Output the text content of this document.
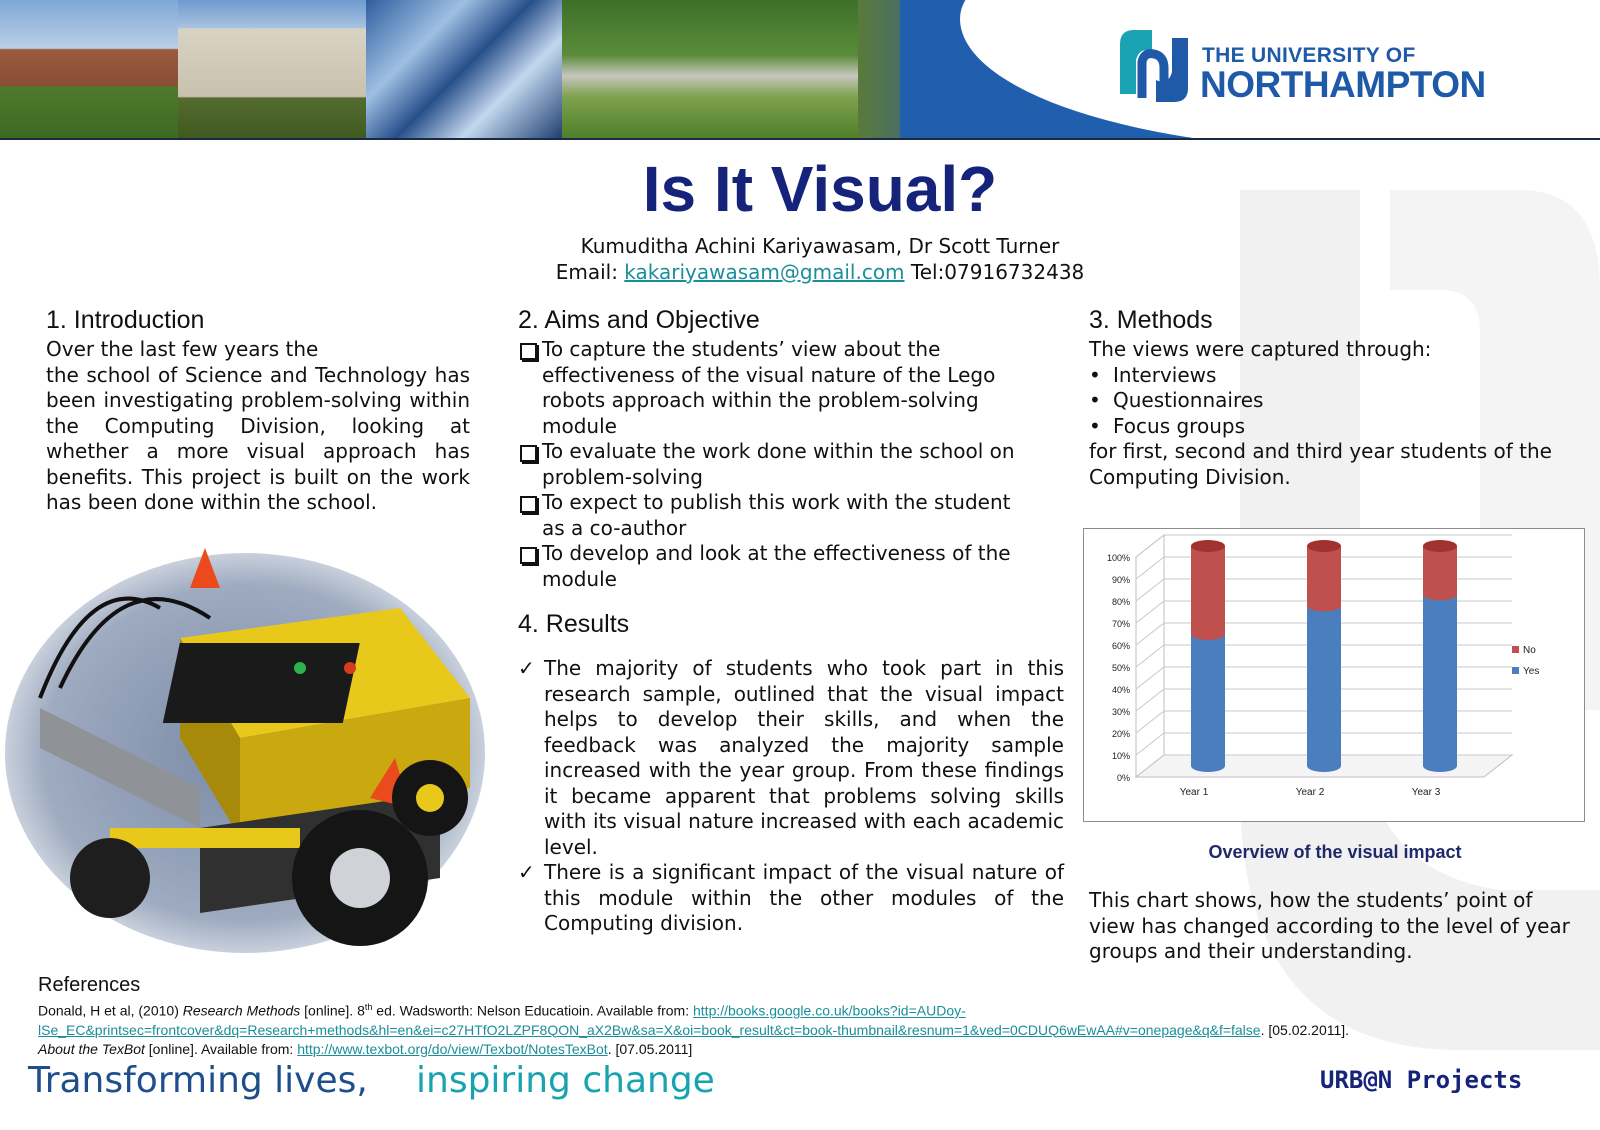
THE UNIVERSITY OF
NORTHAMPTON
Is It Visual?
Kumuditha Achini Kariyawasam, Dr Scott Turner
Email: kakariyawasam@gmail.com Tel:07916732438
1. Introduction
Over the last few years the
the school of Science and Technology has been investigating problem-solving within the Computing Division, looking at whether a more visual approach has benefits. This project is built on the work has been done within the school.
2. Aims and Objective
To capture the students’ view about the effectiveness of the visual nature of the Lego robots approach within the problem-solving module
To evaluate the work done within the school on problem-solving
To expect to publish this work with the student as a co-author
To develop and look at the effectiveness of the module
4. Results
✓ The majority of students who took part in this research sample, outlined that the visual impact helps to develop their skills, and when the feedback was analyzed the majority sample increased with the year group. From these findings it became apparent that problems solving skills with its visual nature increased with each academic level.
✓ There is a significant impact of the visual nature of this module within the other modules of the Computing division.
3. Methods
The views were captured through:
• Interviews
• Questionnaires
• Focus groups
for first, second and third year students of the Computing Division.
0%
10%
20%
30%
40%
50%
60%
70%
80%
90%
100%
Year 1	Year 2	Year 3
No
Yes
Overview of the visual impact
This chart shows, how the students’ point of view has changed according to the level of year groups and their understanding.
References

Donald, H et al, (2010) Research Methods [online]. 8th ed. Wadsworth: Nelson Educatioin. Available from: http://books.google.co.uk/books?id=AUDoy-

lSe_EC&printsec=frontcover&dq=Research+methods&hl=en&ei=c27HTfO2LZPF8QON_aX2Bw&sa=X&oi=book_result&ct=book-thumbnail&resnum=1&ved=0CDUQ6wEwAA#v=onepage&q&f=false. [05.02.2011].

About the TexBot [online]. Available from: http://www.texbot.org/do/view/Texbot/NotesTexBot. [07.05.2011]

Transforming lives, inspiring change	URB@N Projects
